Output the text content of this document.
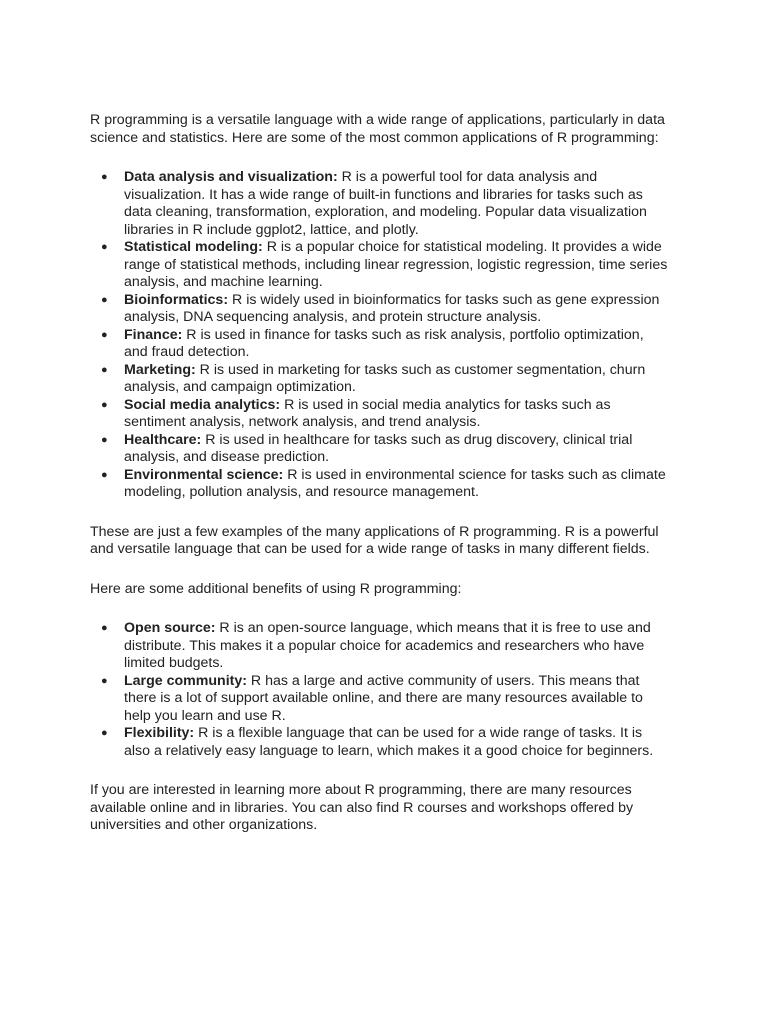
R programming is a versatile language with a wide range of applications, particularly in data science and statistics. Here are some of the most common applications of R programming:

● Data analysis and visualization: R is a powerful tool for data analysis and visualization. It has a wide range of built-in functions and libraries for tasks such as data cleaning, transformation, exploration, and modeling. Popular data visualization libraries in R include ggplot2, lattice, and plotly.
● Statistical modeling: R is a popular choice for statistical modeling. It provides a wide range of statistical methods, including linear regression, logistic regression, time series analysis, and machine learning.
● Bioinformatics: R is widely used in bioinformatics for tasks such as gene expression analysis, DNA sequencing analysis, and protein structure analysis.
● Finance: R is used in finance for tasks such as risk analysis, portfolio optimization, and fraud detection.
● Marketing: R is used in marketing for tasks such as customer segmentation, churn analysis, and campaign optimization.
● Social media analytics: R is used in social media analytics for tasks such as sentiment analysis, network analysis, and trend analysis.
● Healthcare: R is used in healthcare for tasks such as drug discovery, clinical trial analysis, and disease prediction.
● Environmental science: R is used in environmental science for tasks such as climate modeling, pollution analysis, and resource management.

These are just a few examples of the many applications of R programming. R is a powerful and versatile language that can be used for a wide range of tasks in many different fields.

Here are some additional benefits of using R programming:

● Open source: R is an open-source language, which means that it is free to use and distribute. This makes it a popular choice for academics and researchers who have limited budgets.
● Large community: R has a large and active community of users. This means that there is a lot of support available online, and there are many resources available to help you learn and use R.
● Flexibility: R is a flexible language that can be used for a wide range of tasks. It is also a relatively easy language to learn, which makes it a good choice for beginners.

If you are interested in learning more about R programming, there are many resources available online and in libraries. You can also find R courses and workshops offered by universities and other organizations.
